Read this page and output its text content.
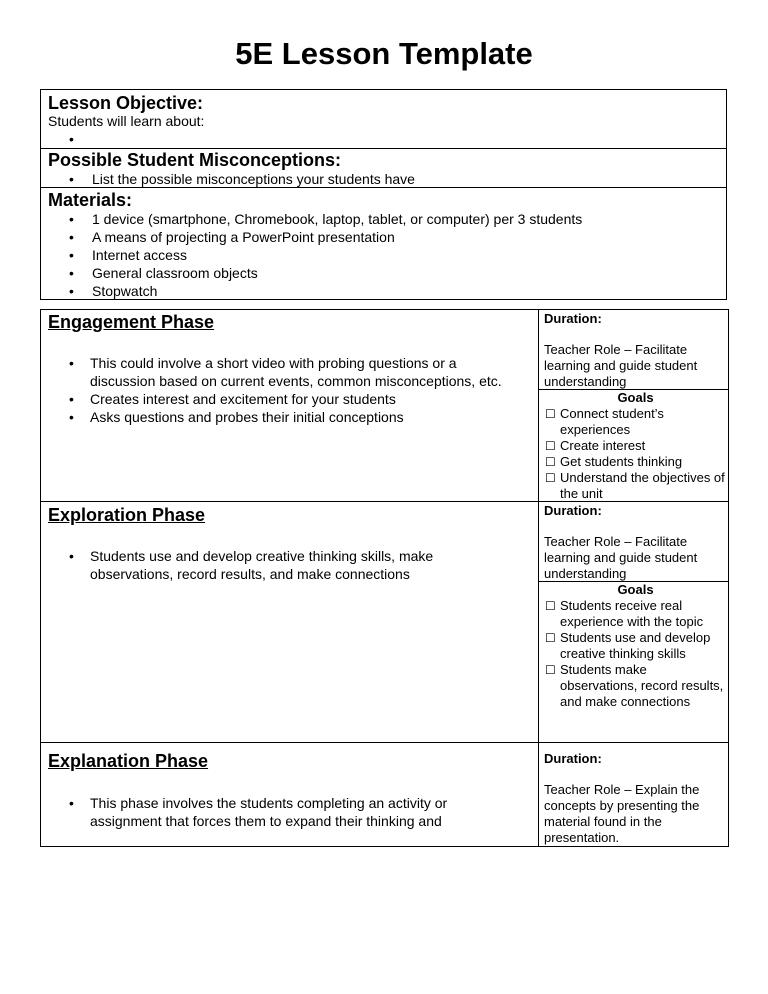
5E Lesson Template
Lesson Objective:
Students will learn about:
Possible Student Misconceptions:
• List the possible misconceptions your students have
Materials:
• 1 device (smartphone, Chromebook, laptop, tablet, or computer) per 3 students
• A means of projecting a PowerPoint presentation
• Internet access
• General classroom objects
• Stopwatch
Engagement Phase
• This could involve a short video with probing questions or a discussion based on current events, common misconceptions, etc.
• Creates interest and excitement for your students
• Asks questions and probes their initial conceptions
Duration:
Teacher Role – Facilitate learning and guide student understanding
Goals
☐ Connect student’s experiences
☐ Create interest
☐ Get students thinking
☐ Understand the objectives of the unit
Exploration Phase
• Students use and develop creative thinking skills, make observations, record results, and make connections
Duration:
Teacher Role – Facilitate learning and guide student understanding
Goals
☐ Students receive real experience with the topic
☐ Students use and develop creative thinking skills
☐ Students make observations, record results, and make connections
Explanation Phase
• This phase involves the students completing an activity or assignment that forces them to expand their thinking and
Duration:
Teacher Role – Explain the concepts by presenting the material found in the presentation.
